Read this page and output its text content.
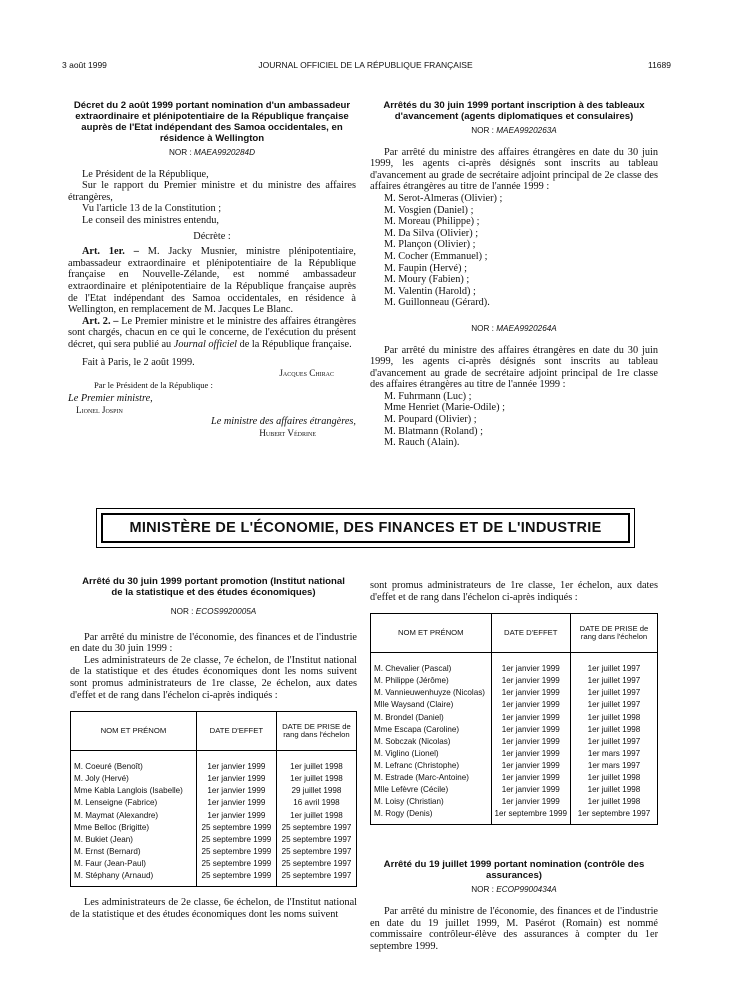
3 août 1999	JOURNAL OFFICIEL DE LA RÉPUBLIQUE FRANÇAISE	11689

Décret du 2 août 1999 portant nomination d'un ambassadeur extraordinaire et plénipotentiaire de la République française auprès de l'Etat indépendant des Samoa occidentales, en résidence à Wellington

NOR : MAEA9920284D

Le Président de la République,

Sur le rapport du Premier ministre et du ministre des affaires étrangères,

Vu l'article 13 de la Constitution ;

Le conseil des ministres entendu,

Décrète :

Art. 1er. – M. Jacky Musnier, ministre plénipotentiaire, ambassadeur extraordinaire et plénipotentiaire de la République française en Nouvelle-Zélande, est nommé ambassadeur extraordinaire et plénipotentiaire de la République française auprès de l'Etat indépendant des Samoa occidentales, en résidence à Wellington, en remplacement de M. Jacques Le Blanc.

Art. 2. – Le Premier ministre et le ministre des affaires étrangères sont chargés, chacun en ce qui le concerne, de l'exécution du présent décret, qui sera publié au Journal officiel de la République française.

Fait à Paris, le 2 août 1999.

Jacques Chirac

Par le Président de la République :

Le Premier ministre,

Lionel Jospin

Le ministre des affaires étrangères,

Hubert Védrine

Arrêtés du 30 juin 1999 portant inscription à des tableaux d'avancement (agents diplomatiques et consulaires)

NOR : MAEA9920263A

Par arrêté du ministre des affaires étrangères en date du 30 juin 1999, les agents ci-après désignés sont inscrits au tableau d'avancement au grade de secrétaire adjoint principal de 2e classe des affaires étrangères au titre de l'année 1999 :

M. Serot-Almeras (Olivier) ;
M. Vosgien (Daniel) ;
M. Moreau (Philippe) ;
M. Da Silva (Olivier) ;
M. Plançon (Olivier) ;
M. Cocher (Emmanuel) ;
M. Faupin (Hervé) ;
M. Moury (Fabien) ;
M. Valentin (Harold) ;
M. Guillonneau (Gérard).

NOR : MAEA9920264A

Par arrêté du ministre des affaires étrangères en date du 30 juin 1999, les agents ci-après désignés sont inscrits au tableau d'avancement au grade de secrétaire adjoint principal de 1re classe des affaires étrangères au titre de l'année 1999 :

M. Fuhrmann (Luc) ;
Mme Henriet (Marie-Odile) ;
M. Poupard (Olivier) ;
M. Blatmann (Roland) ;
M. Rauch (Alain).
MINISTÈRE DE L'ÉCONOMIE, DES FINANCES ET DE L'INDUSTRIE

Arrêté du 30 juin 1999 portant promotion (Institut national de la statistique et des études économiques)

NOR : ECOS9920005A

Par arrêté du ministre de l'économie, des finances et de l'industrie en date du 30 juin 1999 :

Les administrateurs de 2e classe, 7e échelon, de l'Institut national de la statistique et des études économiques dont les noms suivent sont promus administrateurs de 1re classe, 2e échelon, aux dates d'effet et de rang dans l'échelon ci-après indiqués :

NOM ET PRÉNOM	DATE D'EFFET	DATE DE PRISE de rang dans l'échelon
M. Coeuré (Benoît)	1er janvier 1999	1er juillet 1998
M. Joly (Hervé)	1er janvier 1999	1er juillet 1998
Mme Kabla Langlois (Isabelle)	1er janvier 1999	29 juillet 1998
M. Lenseigne (Fabrice)	1er janvier 1999	16 avril 1998
M. Maymat (Alexandre)	1er janvier 1999	1er juillet 1998
Mme Belloc (Brigitte)	25 septembre 1999	25 septembre 1997
M. Bukiet (Jean)	25 septembre 1999	25 septembre 1997
M. Ernst (Bernard)	25 septembre 1999	25 septembre 1997
M. Faur (Jean-Paul)	25 septembre 1999	25 septembre 1997
M. Stéphany (Arnaud)	25 septembre 1999	25 septembre 1997

Les administrateurs de 2e classe, 6e échelon, de l'Institut national de la statistique et des études économiques dont les noms suivent

sont promus administrateurs de 1re classe, 1er échelon, aux dates d'effet et de rang dans l'échelon ci-après indiqués :

NOM ET PRÉNOM	DATE D'EFFET	DATE DE PRISE de rang dans l'échelon
M. Chevalier (Pascal)	1er janvier 1999	1er juillet 1997
M. Philippe (Jérôme)	1er janvier 1999	1er juillet 1997
M. Vannieuwenhuyze (Nicolas)	1er janvier 1999	1er juillet 1997
Mlle Waysand (Claire)	1er janvier 1999	1er juillet 1997
M. Brondel (Daniel)	1er janvier 1999	1er juillet 1998
Mme Escapa (Caroline)	1er janvier 1999	1er juillet 1998
M. Sobczak (Nicolas)	1er janvier 1999	1er juillet 1997
M. Viglino (Lionel)	1er janvier 1999	1er mars 1997
M. Lefranc (Christophe)	1er janvier 1999	1er mars 1997
M. Estrade (Marc-Antoine)	1er janvier 1999	1er juillet 1998
Mlle Lefèvre (Cécile)	1er janvier 1999	1er juillet 1998
M. Loisy (Christian)	1er janvier 1999	1er juillet 1998
M. Rogy (Denis)	1er septembre 1999	1er septembre 1997

Arrêté du 19 juillet 1999 portant nomination (contrôle des assurances)

NOR : ECOP9900434A

Par arrêté du ministre de l'économie, des finances et de l'industrie en date du 19 juillet 1999, M. Pasérot (Romain) est nommé commissaire contrôleur-élève des assurances à compter du 1er septembre 1999.
